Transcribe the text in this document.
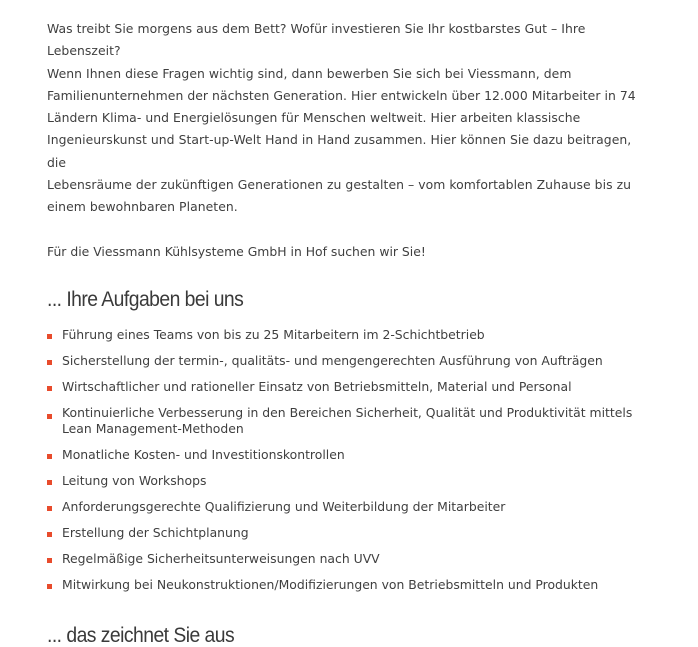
Was treibt Sie morgens aus dem Bett? Wofür investieren Sie Ihr kostbarstes Gut – Ihre Lebenszeit?
Wenn Ihnen diese Fragen wichtig sind, dann bewerben Sie sich bei Viessmann, dem
Familienunternehmen der nächsten Generation. Hier entwickeln über 12.000 Mitarbeiter in 74
Ländern Klima- und Energielösungen für Menschen weltweit. Hier arbeiten klassische
Ingenieurskunst und Start-up-Welt Hand in Hand zusammen. Hier können Sie dazu beitragen, die
Lebensräume der zukünftigen Generationen zu gestalten – vom komfortablen Zuhause bis zu
einem bewohnbaren Planeten.

Für die Viessmann Kühlsysteme GmbH in Hof suchen wir Sie!

... Ihre Aufgaben bei uns
Führung eines Teams von bis zu 25 Mitarbeitern im 2-Schichtbetrieb
Sicherstellung der termin-, qualitäts- und mengengerechten Ausführung von Aufträgen
Wirtschaftlicher und rationeller Einsatz von Betriebsmitteln, Material und Personal
Kontinuierliche Verbesserung in den Bereichen Sicherheit, Qualität und Produktivität mittels
Lean Management-Methoden
Monatliche Kosten- und Investitionskontrollen
Leitung von Workshops
Anforderungsgerechte Qualifizierung und Weiterbildung der Mitarbeiter
Erstellung der Schichtplanung
Regelmäßige Sicherheitsunterweisungen nach UVV
Mitwirkung bei Neukonstruktionen/Modifizierungen von Betriebsmitteln und Produkten
... das zeichnet Sie aus
